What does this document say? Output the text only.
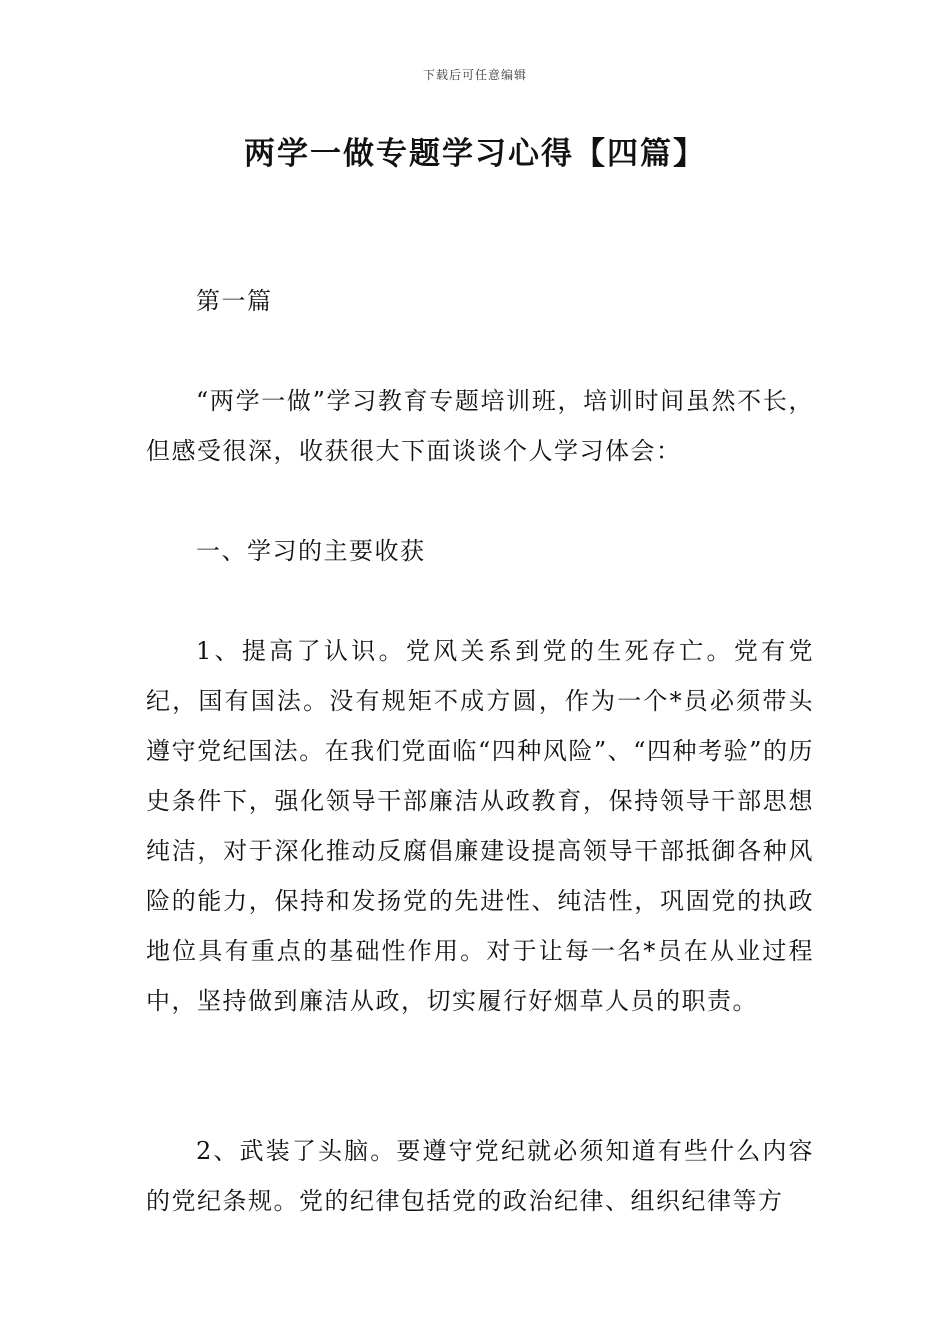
下载后可任意编辑
两学一做专题学习心得【四篇】

第一篇

“两学一做”学习教育专题培训班，培训时间虽然不长，但感受很深，收获很大下面谈谈个人学习体会：

一、学习的主要收获

1、提高了认识。党风关系到党的生死存亡。党有党纪，国有国法。没有规矩不成方圆，作为一个*员必须带头遵守党纪国法。在我们党面临“四种风险”、“四种考验”的历史条件下，强化领导干部廉洁从政教育，保持领导干部思想纯洁，对于深化推动反腐倡廉建设提高领导干部抵御各种风险的能力，保持和发扬党的先进性、纯洁性，巩固党的执政地位具有重点的基础性作用。对于让每一名*员在从业过程中，坚持做到廉洁从政，切实履行好烟草人员的职责。

2、武装了头脑。要遵守党纪就必须知道有些什么内容的党纪条规。党的纪律包括党的政治纪律、组织纪律等方
